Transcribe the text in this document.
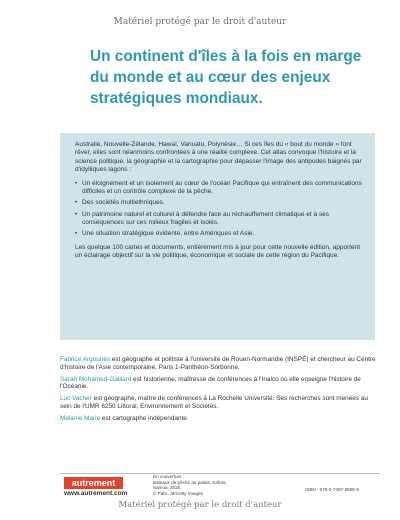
Matériel protégé par le droit d'auteur
Un continent d'îles à la fois en marge du monde et au cœur des enjeux stratégiques mondiaux.

Australie, Nouvelle-Zélande, Hawaï, Vanuatu, Polynésie… Si ces îles du « bout du monde » font rêver, elles sont néanmoins confrontées à une réalité complexe. Cet atlas convoque l'histoire et la science politique, la géographie et la cartographie pour dépasser l'image des antipodes baignés par d'idylliques lagons :

• Un éloignement et un isolement au cœur de l'océan Pacifique qui entraînent des communications difficiles et un contrôle complexe de la pêche.
• Des sociétés multiethniques.
• Un patrimoine naturel et culturel à défendre face au réchauffement climatique et à ses conséquences sur ces milieux fragiles et isolés.
• Une situation stratégique évidente, entre Amériques et Asie.

Les quelque 100 cartes et documents, entièrement mis à jour pour cette nouvelle édition, apportent un éclairage objectif sur la vie politique, économique et sociale de cette région du Pacifique.

Fabrice Argounès est géographe et politiste à l'université de Rouen-Normandie (INSPÉ) et chercheur au Centre d'histoire de l'Asie contemporaine, Paris 1-Panthéon-Sorbonne.
Sarah Mohamed-Gaillard est historienne, maîtresse de conférences à l'Inalco où elle enseigne l'histoire de l'Océanie.
Luc Vacher est géographe, maître de conférences à La Rochelle Université. Ses recherches sont menées au sein de l'UMR 6250 Littoral, Environnement et Sociétés.
Mélanie Marie est cartographe indépendante.
autrement
www.autrement.com
En couverture :
Bateaux de pêche au palais, Safota, Samoa, 2020.
© Pabl...ld/Getty Images
ISBN : 978-2-7467-5605-6
Matériel protégé par le droit d'auteur
